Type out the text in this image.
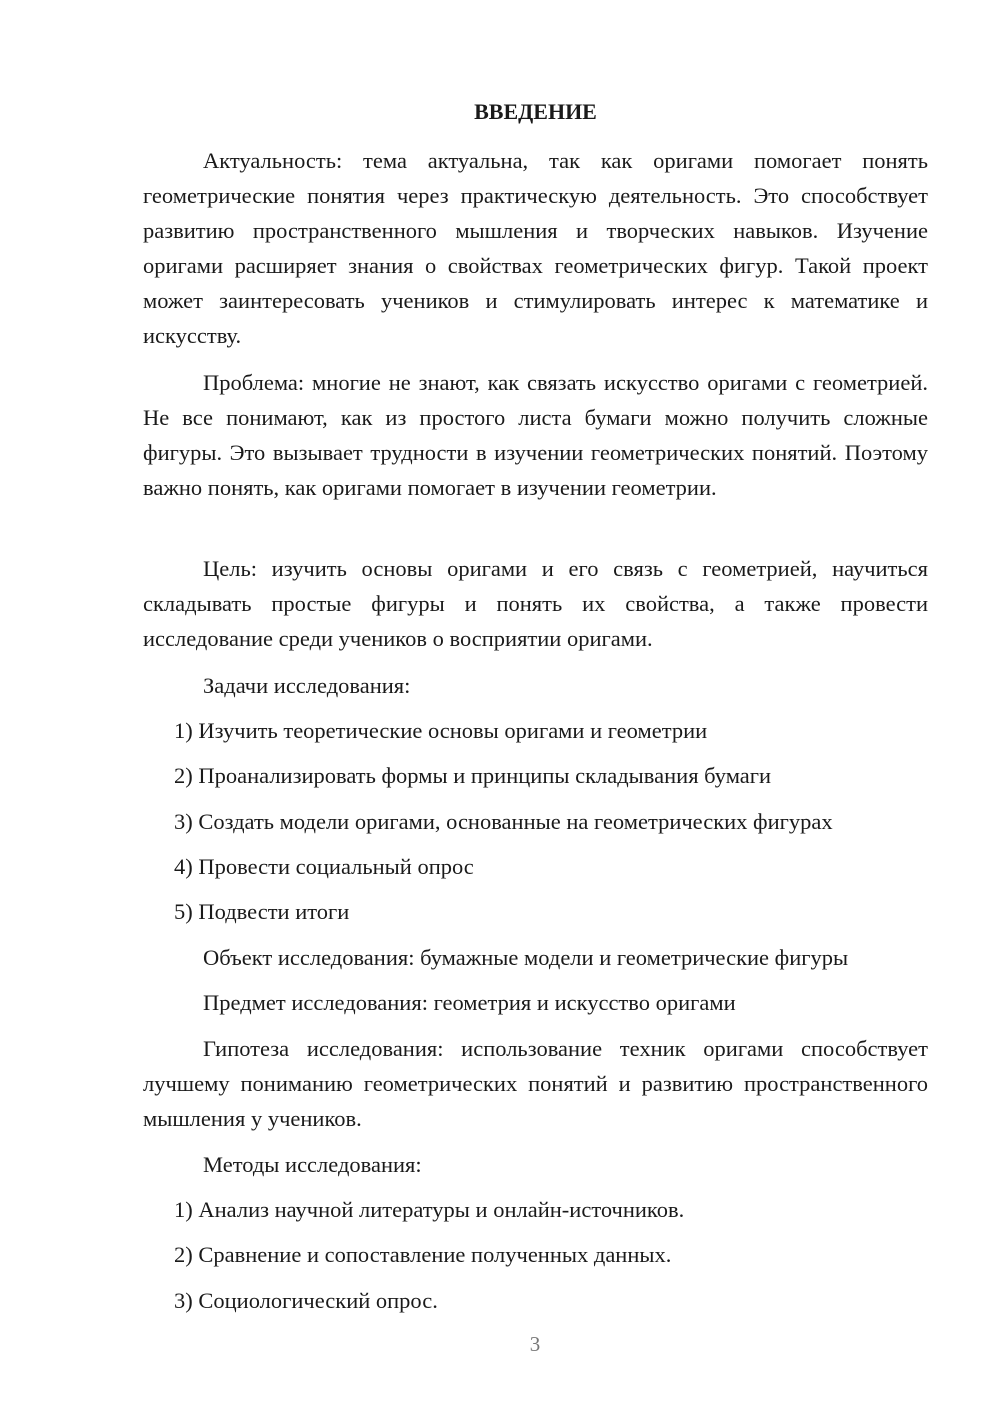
ВВЕДЕНИЕ

Актуальность: тема актуальна, так как оригами помогает понять геометрические понятия через практическую деятельность. Это способствует развитию пространственного мышления и творческих навыков. Изучение оригами расширяет знания о свойствах геометрических фигур. Такой проект может заинтересовать учеников и стимулировать интерес к математике и искусству.

Проблема: многие не знают, как связать искусство оригами с геометрией. Не все понимают, как из простого листа бумаги можно получить сложные фигуры. Это вызывает трудности в изучении геометрических понятий. Поэтому важно понять, как оригами помогает в изучении геометрии.

Цель: изучить основы оригами и его связь с геометрией, научиться складывать простые фигуры и понять их свойства, а также провести исследование среди учеников о восприятии оригами.

Задачи исследования:

1) Изучить теоретические основы оригами и геометрии

2) Проанализировать формы и принципы складывания бумаги

3) Создать модели оригами, основанные на геометрических фигурах

4) Провести социальный опрос

5) Подвести итоги

Объект исследования: бумажные модели и геометрические фигуры

Предмет исследования: геометрия и искусство оригами

Гипотеза исследования: использование техник оригами способствует лучшему пониманию геометрических понятий и развитию пространственного мышления у учеников.

Методы исследования:

1) Анализ научной литературы и онлайн-источников.

2) Сравнение и сопоставление полученных данных.

3) Социологический опрос.

3
